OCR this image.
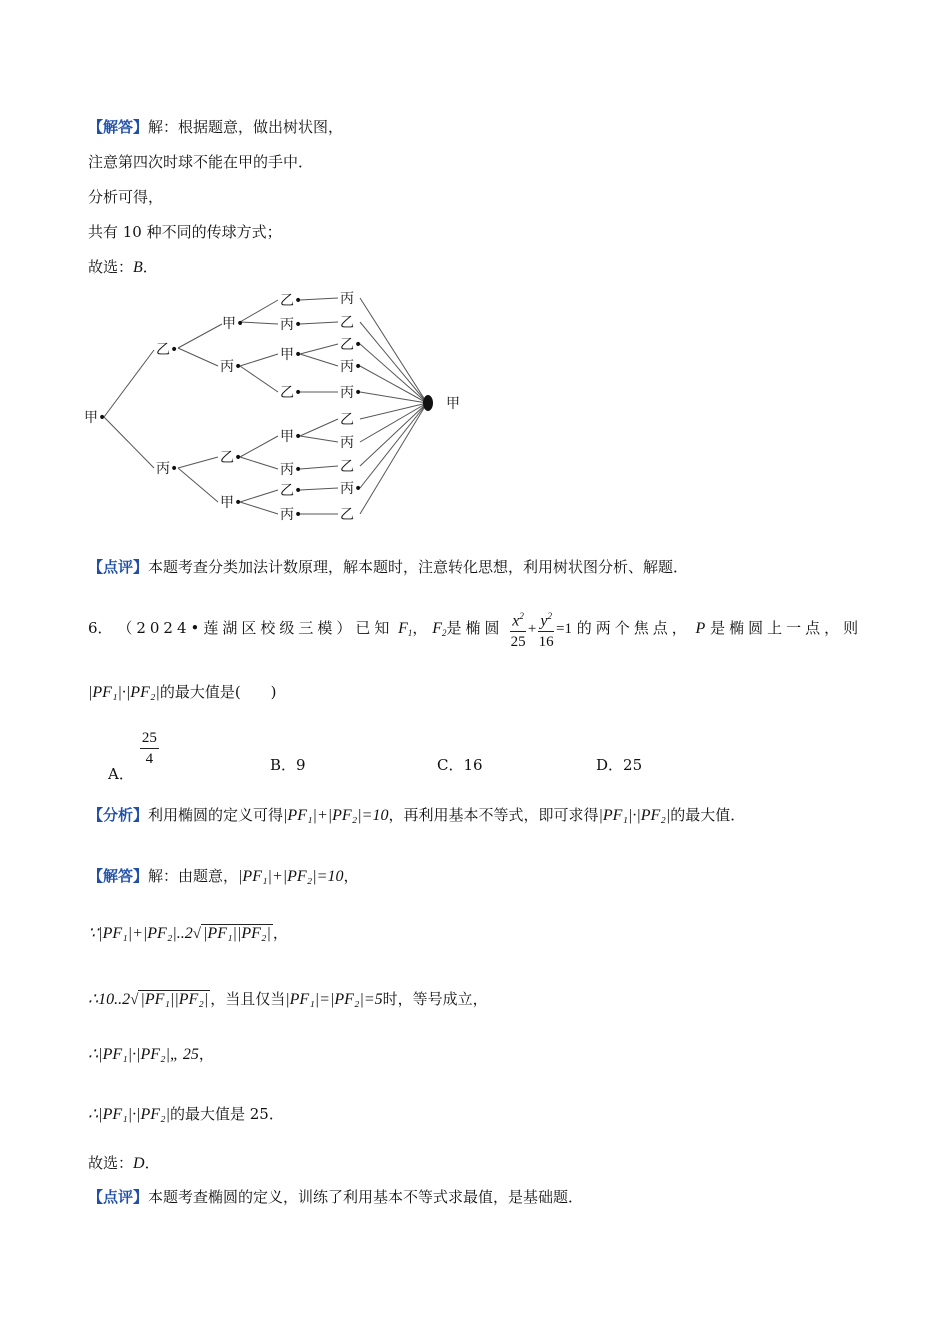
【解答】解：根据题意，做出树状图，
注意第四次时球不能在甲的手中．
分析可得，
共有 10 种不同的传球方式；
故选：B．
甲•
乙•
丙•
甲•
丙•
乙•
甲•
乙•
丙•
甲•
乙•
甲•
丙•
乙•
丙•
丙
乙
乙•
丙•
丙•
乙
丙
乙
丙•
乙
甲
【点评】本题考查分类加法计数原理，解本题时，注意转化思想，利用树状图分析、解题．
6． （2024•莲湖区校级三模）已知 $F_1$， $F_2$是椭圆 $\frac{x^2}{25} + \frac{y^2}{16} =1$ 的两个焦点， P 是椭圆上一点，则
|PF₁|·|PF₂|的最大值是(　　)
A．
$\frac{25}{4}$	B．9	C．16	D．25
【分析】利用椭圆的定义可得|PF₁|+|PF₂|=10，再利用基本不等式，即可求得|PF₁|·|PF₂|的最大值．
【解答】解：由题意，|PF₁|+|PF₂|=10，
∵|PF₁|+|PF₂|..2√ |PF₁||PF₂| ，
∴10..2√ |PF₁||PF₂| ，当且仅当|PF₁|=|PF₂|=5时，等号成立，
∴|PF₁|·|PF₂|„ 25，
∴|PF₁|·|PF₂|的最大值是 25．
故选：D．
【点评】本题考查椭圆的定义，训练了利用基本不等式求最值，是基础题．
